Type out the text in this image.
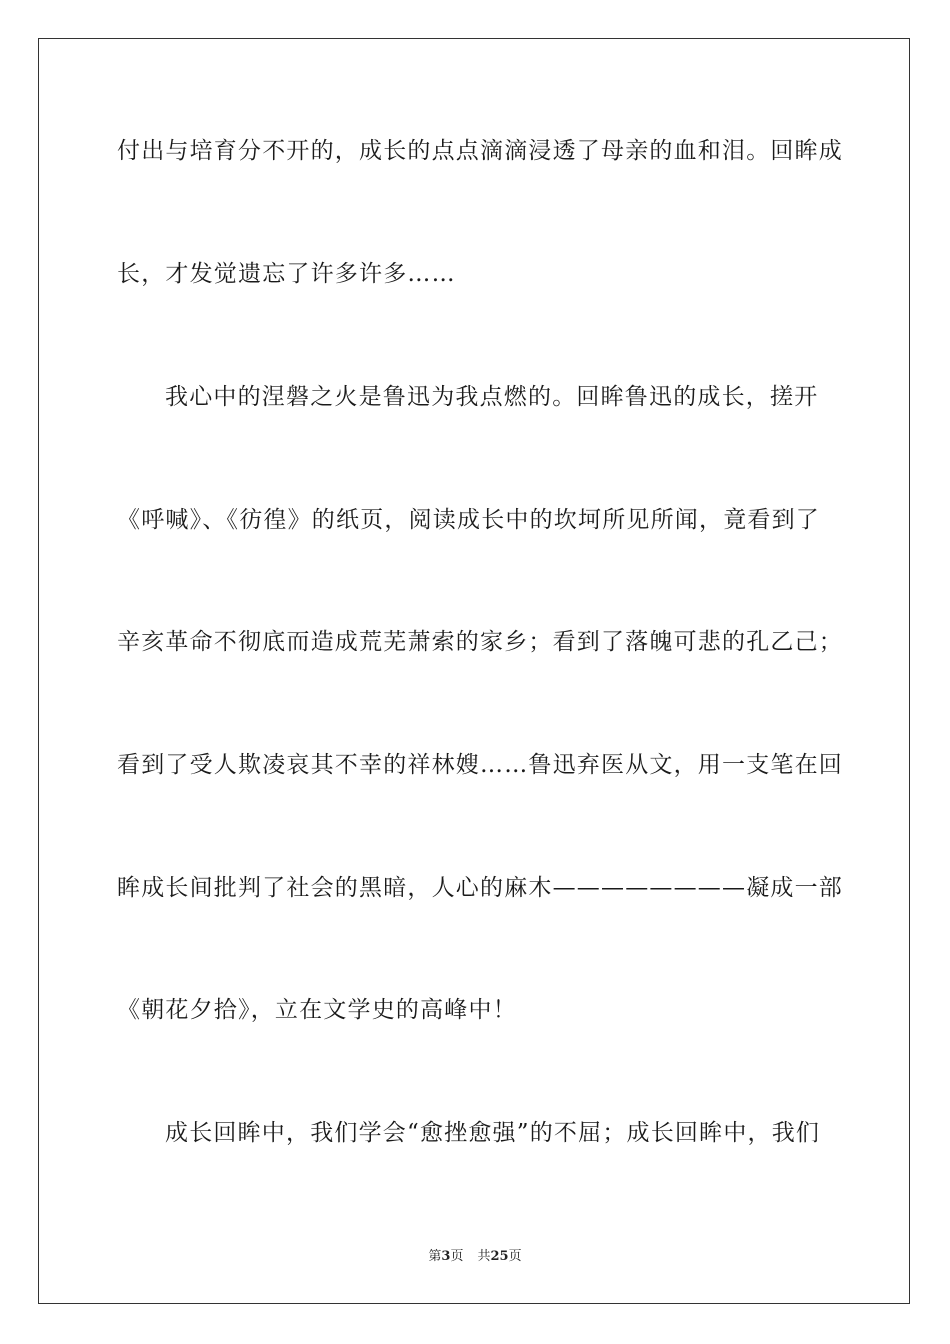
付出与培育分不开的，成长的点点滴滴浸透了母亲的血和泪。回眸成
长，才发觉遗忘了许多许多……
我心中的涅磐之火是鲁迅为我点燃的。回眸鲁迅的成长，搓开
《呼喊》、《彷徨》的纸页，阅读成长中的坎坷所见所闻，竟看到了
辛亥革命不彻底而造成荒芜萧索的家乡；看到了落魄可悲的孔乙己；
看到了受人欺凌哀其不幸的祥林嫂……鲁迅弃医从文，用一支笔在回
眸成长间批判了社会的黑暗，人心的麻木————————凝成一部
《朝花夕拾》，立在文学史的高峰中！
成长回眸中，我们学会“愈挫愈强”的不屈；成长回眸中，我们
第3页 共25页
